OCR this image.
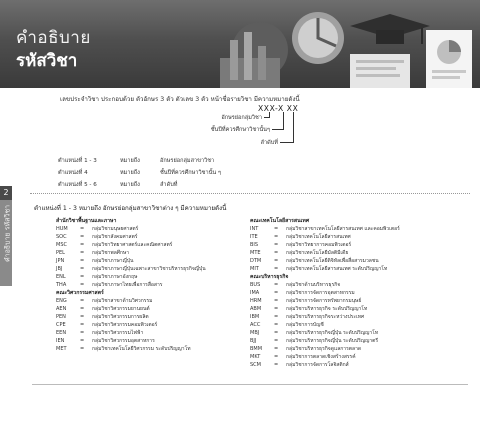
คำอธิบาย
รหัสวิชา
2
คำอธิบาย รหัสวิชา
เลขประจำวิชา ประกอบด้วย ตัวอักษร 3 ตัว ตัวเลข 3 ตัว หน้าชื่อรายวิชา มีความหมายดังนี้
XXX-X XX
อักษรย่อกลุ่มวิชา
ชั้นปีที่ควรศึกษาวิชานั้นๆ
ลำดับที่
ตำแหน่งที่ 1 - 3	หมายถึง	อักษรย่อกลุ่มสาขาวิชา
ตำแหน่งที่ 4	หมายถึง	ชั้นปีที่ควรศึกษาวิชานั้น ๆ
ตำแหน่งที่ 5 - 6	หมายถึง	ลำดับที่
ตำแหน่งที่ 1 - 3 หมายถึง อักษรย่อกลุ่มสาขาวิชาต่าง ๆ มีความหมายดังนี้
สำนักวิชาพื้นฐานและภาษา
HUM = กลุ่มวิชามนุษยศาสตร์
SOC	= กลุ่มวิชาสังคมศาสตร์
MSC	= กลุ่มวิชาวิทยาศาสตร์และคณิตศาสตร์
PEL	= กลุ่มวิชาพลศึกษา
JPN	= กลุ่มวิชาภาษาญี่ปุ่น
JBJ	= กลุ่มวิชาภาษาญี่ปุ่นเฉพาะสาขาวิชาบริหารธุรกิจญี่ปุ่น
ENL	= กลุ่มวิชาภาษาอังกฤษ
THA	= กลุ่มวิชาภาษาไทยเพื่อการสื่อสาร
คณะวิศวกรรมศาสตร์
ENG	= กลุ่มวิชาสาขาด้านวิศวกรรม
AEN	= กลุ่มวิชาวิศวกรรมยานยนต์
PEN	= กลุ่มวิชาวิศวกรรมการผลิต
CPE	= กลุ่มวิชาวิศวกรรมคอมพิวเตอร์
EEN	= กลุ่มวิชาวิศวกรรมไฟฟ้า
IEN	= กลุ่มวิชาวิศวกรรมอุตสาหการ
MET	= กลุ่มวิชาเทคโนโลยีวิศวกรรม ระดับปริญญาโท
คณะเทคโนโลยีสารสนเทศ
INT	= กลุ่มวิชาสาขาเทคโนโลยีสารสนเทศ และคอมพิวเตอร์
ITE	= กลุ่มวิชาเทคโนโลยีสารสนเทศ
BIS	= กลุ่มวิชาวิทยาการคอมพิวเตอร์
MTE	= กลุ่มวิชาเทคโนโลยีมัลติมีเดีย
DTM	= กลุ่มวิชาเทคโนโลยีดิจิทัลเพื่อสื่อสารมวลชน
MIT	= กลุ่มวิชาเทคโนโลยีสารสนเทศ ระดับปริญญาโท
คณะบริหารธุรกิจ
BUS	= กลุ่มวิชาด้านบริหารธุรกิจ
IMA	= กลุ่มวิชาการจัดการอุตสาหกรรม
HRM = กลุ่มวิชาการจัดการทรัพยากรมนุษย์
ABM	= กลุ่มวิชาบริหารธุรกิจ ระดับปริญญาโท
IBM	= กลุ่มวิชาบริหารธุรกิจระหว่างประเทศ
ACC	= กลุ่มวิชาการบัญชี
MBJ	= กลุ่มวิชาบริหารธุรกิจญี่ปุ่น ระดับปริญญาโท
BJJ	= กลุ่มวิชาบริหารธุรกิจญี่ปุ่น ระดับปริญญาตรี
BMM = กลุ่มวิชาบริหารธุรกิจดูแลการตลาด
MKT	= กลุ่มวิชาการตลาดเชิงสร้างสรรค์
SCM	= กลุ่มวิชาการจัดการโลจิสติกส์
